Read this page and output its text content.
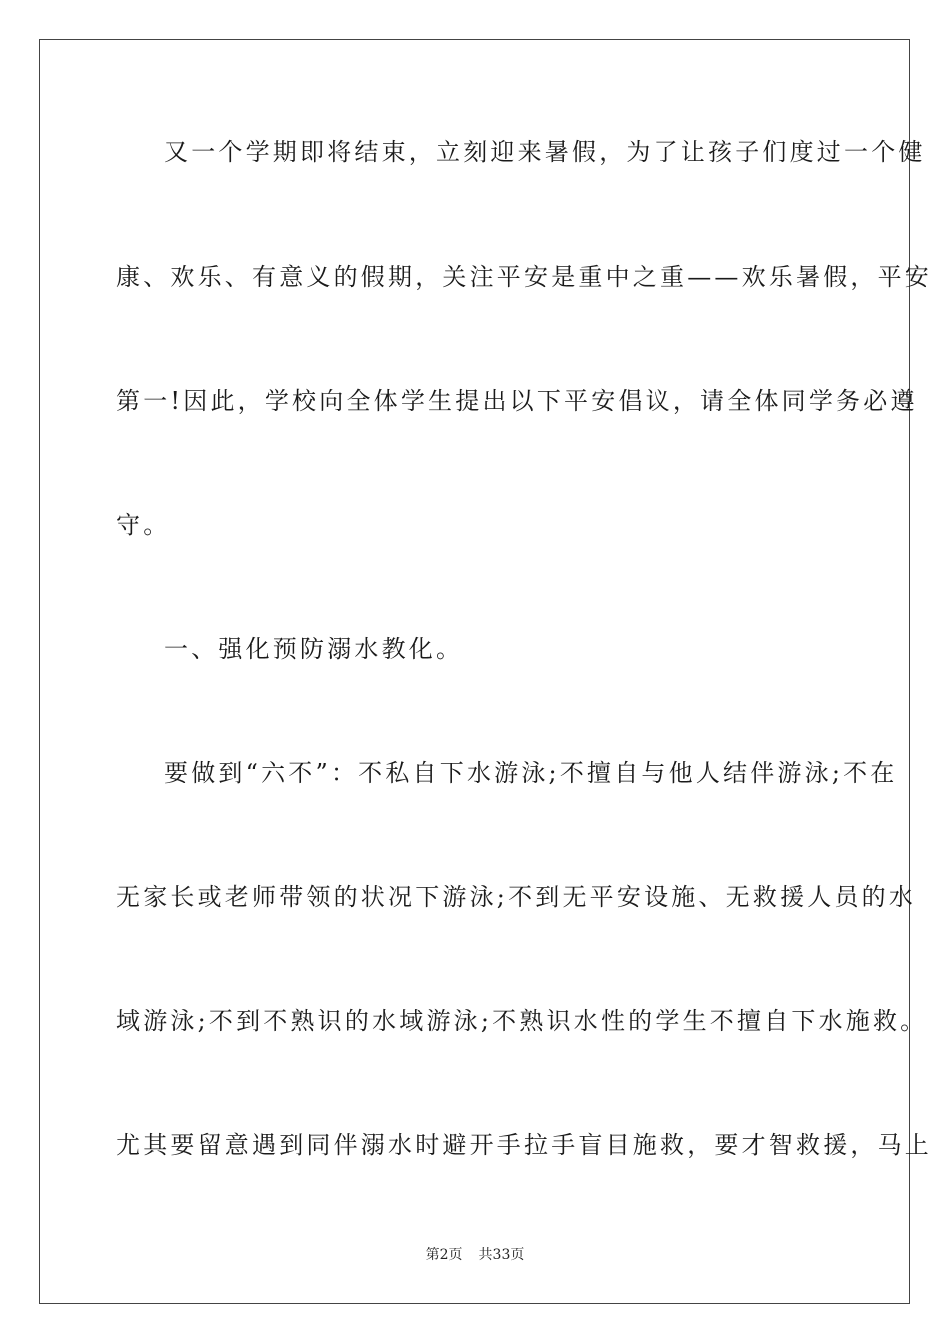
又一个学期即将结束，立刻迎来暑假，为了让孩子们度过一个健
康、欢乐、有意义的假期，关注平安是重中之重——欢乐暑假，平安
第一!因此，学校向全体学生提出以下平安倡议，请全体同学务必遵
守。
一、强化预防溺水教化。
要做到“六不”：不私自下水游泳;不擅自与他人结伴游泳;不在
无家长或老师带领的状况下游泳;不到无平安设施、无救援人员的水
域游泳;不到不熟识的水域游泳;不熟识水性的学生不擅自下水施救。
尤其要留意遇到同伴溺水时避开手拉手盲目施救，要才智救援，马上
第2页 共33页
